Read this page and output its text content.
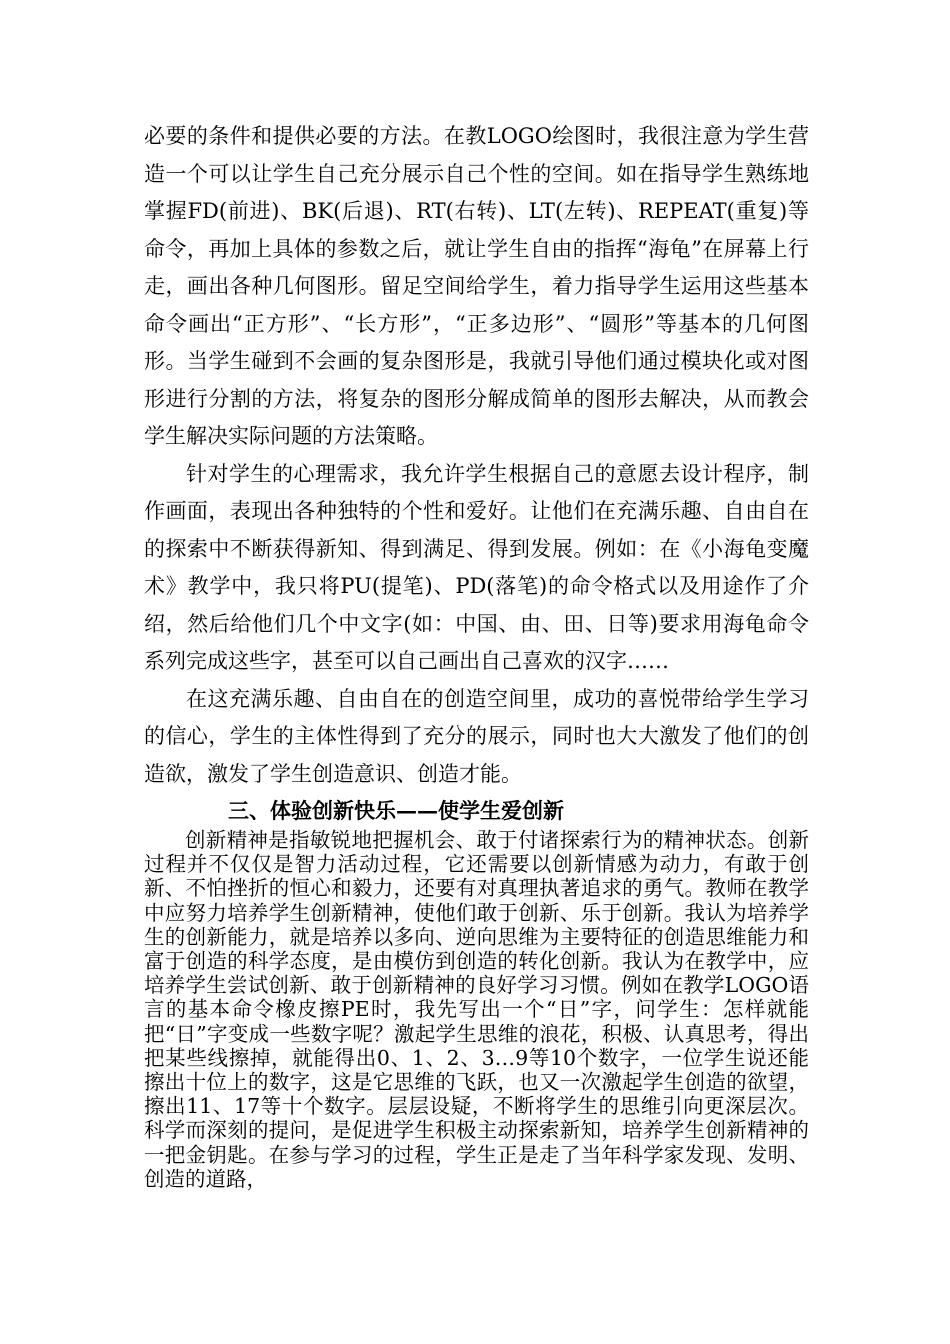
必要的条件和提供必要的方法。在教LOGO绘图时，我很注意为学生营造一个可以让学生自己充分展示自己个性的空间。如在指导学生熟练地掌握FD(前进)、BK(后退)、RT(右转)、LT(左转)、REPEAT(重复)等命令，再加上具体的参数之后，就让学生自由的指挥“海龟”在屏幕上行走，画出各种几何图形。留足空间给学生，着力指导学生运用这些基本命令画出“正方形”、“长方形”，“正多边形”、“圆形”等基本的几何图形。当学生碰到不会画的复杂图形是，我就引导他们通过模块化或对图形进行分割的方法，将复杂的图形分解成简单的图形去解决，从而教会学生解决实际问题的方法策略。

针对学生的心理需求，我允许学生根据自己的意愿去设计程序，制作画面，表现出各种独特的个性和爱好。让他们在充满乐趣、自由自在的探索中不断获得新知、得到满足、得到发展。例如：在《小海龟变魔术》教学中，我只将PU(提笔)、PD(落笔)的命令格式以及用途作了介绍，然后给他们几个中文字(如：中国、由、田、日等)要求用海龟命令系列完成这些字，甚至可以自己画出自己喜欢的汉字……

在这充满乐趣、自由自在的创造空间里，成功的喜悦带给学生学习的信心，学生的主体性得到了充分的展示，同时也大大激发了他们的创造欲，激发了学生创造意识、创造才能。

三、体验创新快乐——使学生爱创新

创新精神是指敏锐地把握机会、敢于付诸探索行为的精神状态。创新过程并不仅仅是智力活动过程，它还需要以创新情感为动力，有敢于创新、不怕挫折的恒心和毅力，还要有对真理执著追求的勇气。教师在教学中应努力培养学生创新精神，使他们敢于创新、乐于创新。我认为培养学生的创新能力，就是培养以多向、逆向思维为主要特征的创造思维能力和富于创造的科学态度，是由模仿到创造的转化创新。我认为在教学中，应培养学生尝试创新、敢于创新精神的良好学习习惯。例如在教学LOGO语言的基本命令橡皮擦PE时，我先写出一个“日”字，问学生：怎样就能把“日”字变成一些数字呢？激起学生思维的浪花，积极、认真思考，得出把某些线擦掉，就能得出0、1、2、3…9等10个数字，一位学生说还能擦出十位上的数字，这是它思维的飞跃，也又一次激起学生创造的欲望，擦出11、17等十个数字。层层设疑，不断将学生的思维引向更深层次。科学而深刻的提问，是促进学生积极主动探索新知，培养学生创新精神的一把金钥匙。在参与学习的过程，学生正是走了当年科学家发现、发明、创造的道路，
